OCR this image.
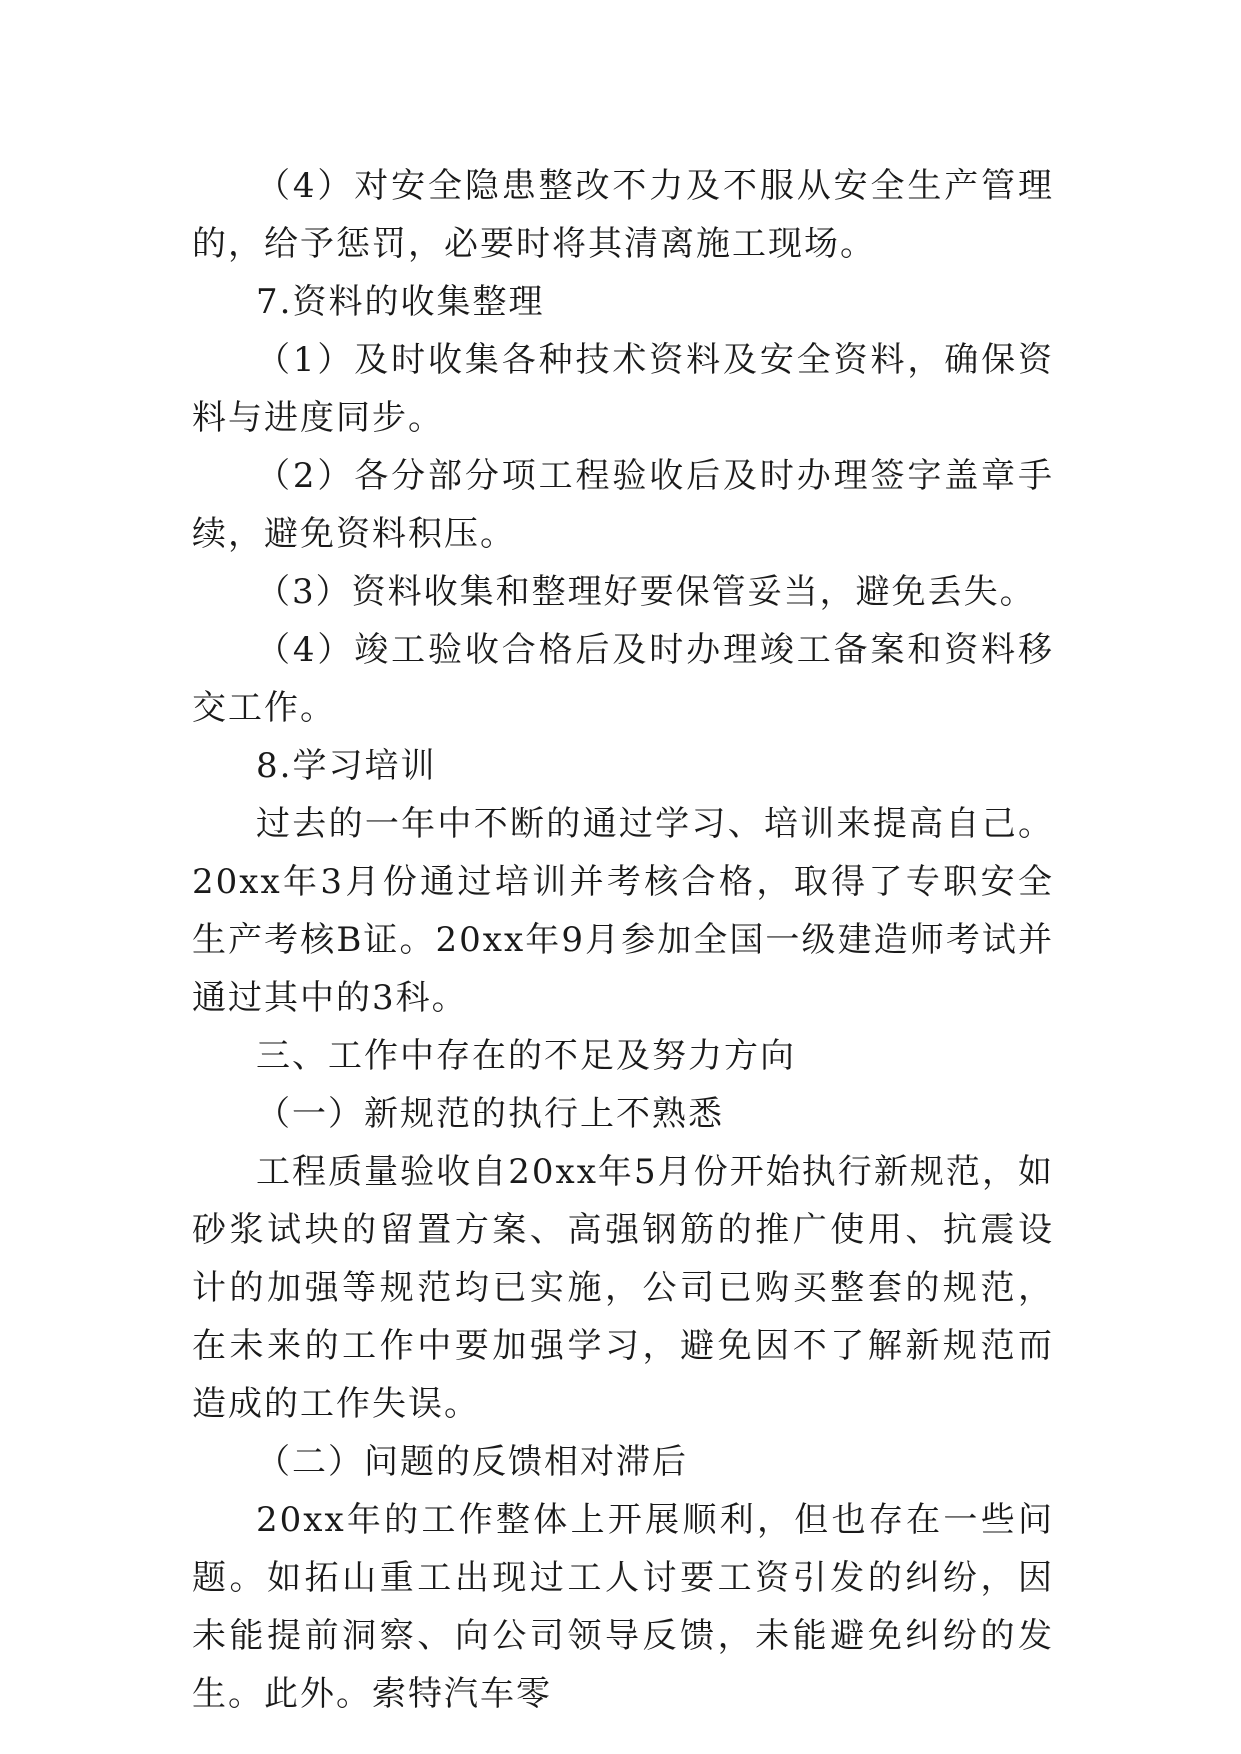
（4）对安全隐患整改不力及不服从安全生产管理的，给予惩罚，必要时将其清离施工现场。

7.资料的收集整理

（1）及时收集各种技术资料及安全资料，确保资料与进度同步。

（2）各分部分项工程验收后及时办理签字盖章手续，避免资料积压。

（3）资料收集和整理好要保管妥当，避免丢失。

（4）竣工验收合格后及时办理竣工备案和资料移交工作。

8.学习培训

过去的一年中不断的通过学习、培训来提高自己。20xx年3月份通过培训并考核合格，取得了专职安全生产考核B证。20xx年9月参加全国一级建造师考试并通过其中的3科。

三、工作中存在的不足及努力方向

（一）新规范的执行上不熟悉

工程质量验收自20xx年5月份开始执行新规范，如砂浆试块的留置方案、高强钢筋的推广使用、抗震设计的加强等规范均已实施，公司已购买整套的规范，在未来的工作中要加强学习，避免因不了解新规范而造成的工作失误。

（二）问题的反馈相对滞后

20xx年的工作整体上开展顺利，但也存在一些问题。如拓山重工出现过工人讨要工资引发的纠纷，因未能提前洞察、向公司领导反馈，未能避免纠纷的发生。此外。索特汽车零
